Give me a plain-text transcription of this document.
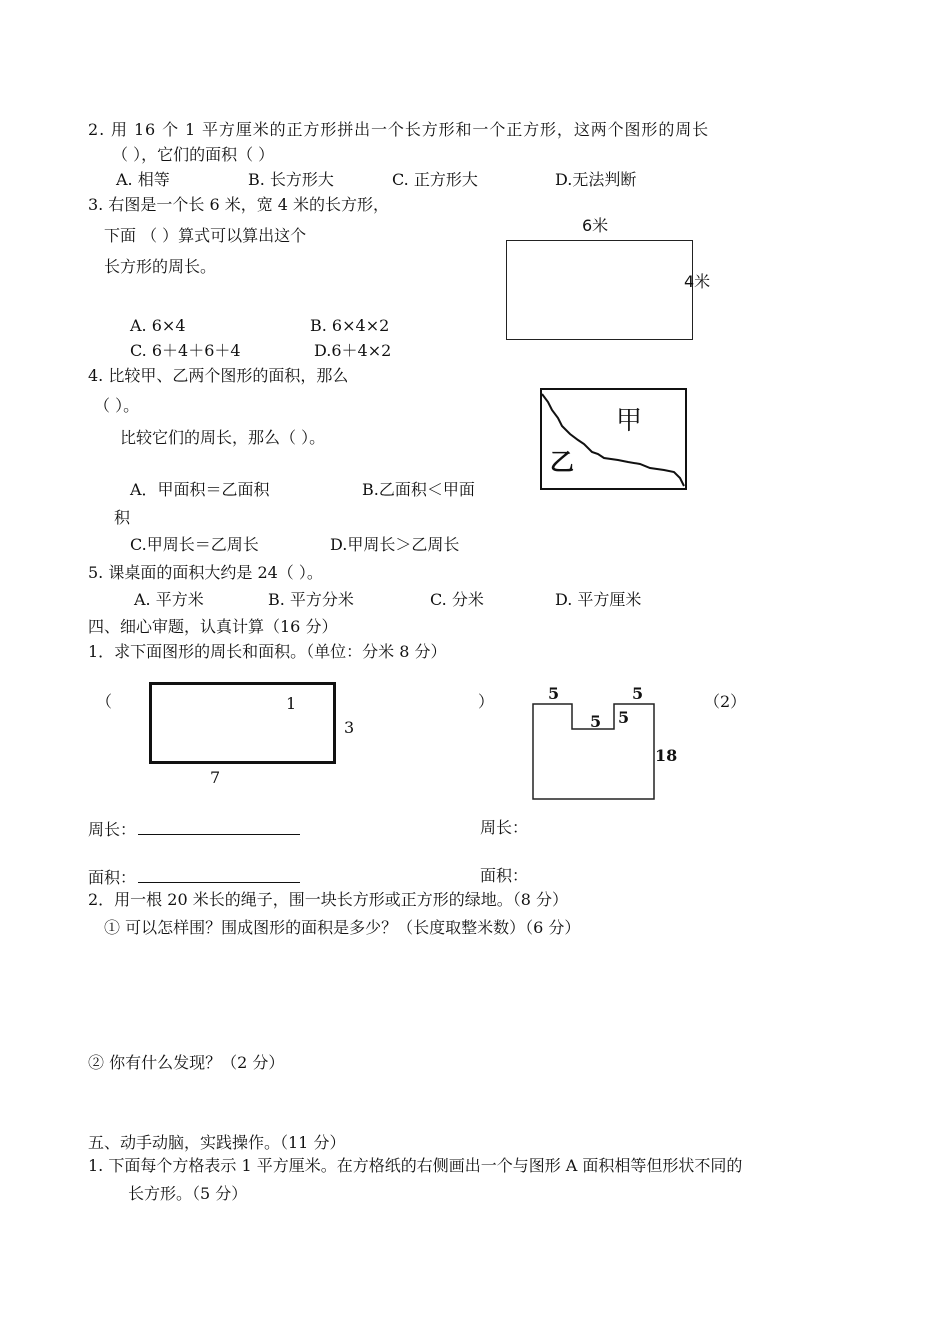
2. 用 16 个 1 平方厘米的正方形拼出一个长方形和一个正方形，这两个图形的周长
（ ），它们的面积（ ）
A. 相等	B. 长方形大	C. 正方形大	D.无法判断
3. 右图是一个长 6 米，宽 4 米的长方形，
下面 （ ）算式可以算出这个
长方形的周长。
6米
4米
A. 6×4	B. 6×4×2
C. 6＋4＋6＋4	D.6＋4×2
4. 比较甲、乙两个图形的面积，那么
（ ）。
比较它们的周长，那么（ ）。
甲
乙
A．甲面积＝乙面积	B.乙面积＜甲面
积
C.甲周长＝乙周长	D.甲周长＞乙周长
5. 课桌面的面积大约是 24（ ）。
A. 平方米	B. 平方分米	C. 分米	D. 平方厘米
四、细心审题，认真计算（16 分）
1．求下面图形的周长和面积。（单位：分米 8 分）
（	1
3
7
）	5	5
5 5
18
（2）
周长：	周长：
面积：	面积：
2．用一根 20 米长的绳子，围一块长方形或正方形的绿地。（8 分）
① 可以怎样围？围成图形的面积是多少？（长度取整米数）（6 分）
② 你有什么发现？（2 分）
五、动手动脑，实践操作。（11 分）
1. 下面每个方格表示 1 平方厘米。在方格纸的右侧画出一个与图形 A 面积相等但形状不同的
长方形。（5 分）
